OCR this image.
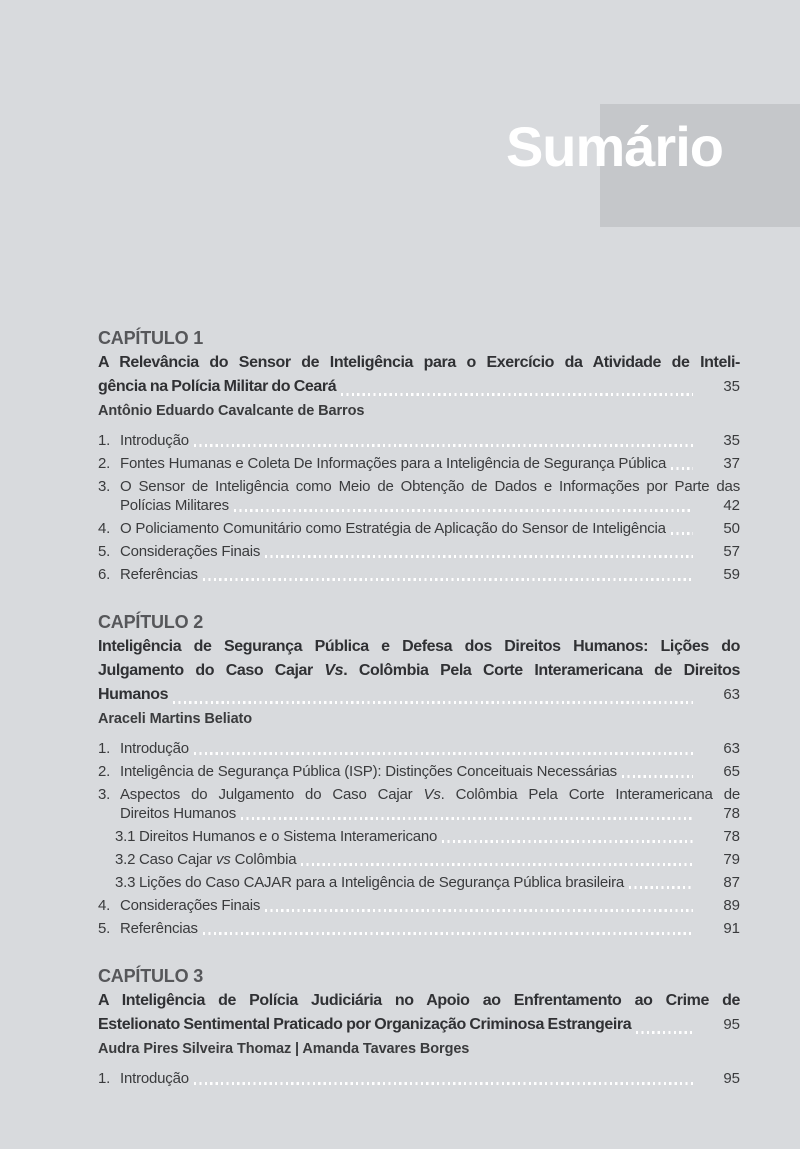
Sumário
CAPÍTULO 1
A Relevância do Sensor de Inteligência para o Exercício da Atividade de Inteli-
gência na Polícia Militar do Ceará	35
Antônio Eduardo Cavalcante de Barros
1. Introdução	35
2. Fontes Humanas e Coleta De Informações para a Inteligência de Segurança Pública	37
3. O Sensor de Inteligência como Meio de Obtenção de Dados e Informações por Parte das
Polícias Militares	42
4. O Policiamento Comunitário como Estratégia de Aplicação do Sensor de Inteligência	50
5. Considerações Finais	57
6. Referências	59
CAPÍTULO 2
Inteligência de Segurança Pública e Defesa dos Direitos Humanos: Lições do
Julgamento do Caso Cajar Vs. Colômbia Pela Corte Interamericana de Direitos
Humanos	63
Araceli Martins Beliato
1. Introdução	63
2. Inteligência de Segurança Pública (ISP): Distinções Conceituais Necessárias	65
3. Aspectos do Julgamento do Caso Cajar Vs. Colômbia Pela Corte Interamericana de
Direitos Humanos	78
3.1 Direitos Humanos e o Sistema Interamericano	78
3.2 Caso Cajar vs Colômbia	79
3.3 Lições do Caso CAJAR para a Inteligência de Segurança Pública brasileira	87
4. Considerações Finais	89
5. Referências	91
CAPÍTULO 3
A Inteligência de Polícia Judiciária no Apoio ao Enfrentamento ao Crime de
Estelionato Sentimental Praticado por Organização Criminosa Estrangeira	95
Audra Pires Silveira Thomaz | Amanda Tavares Borges
1. Introdução	95
